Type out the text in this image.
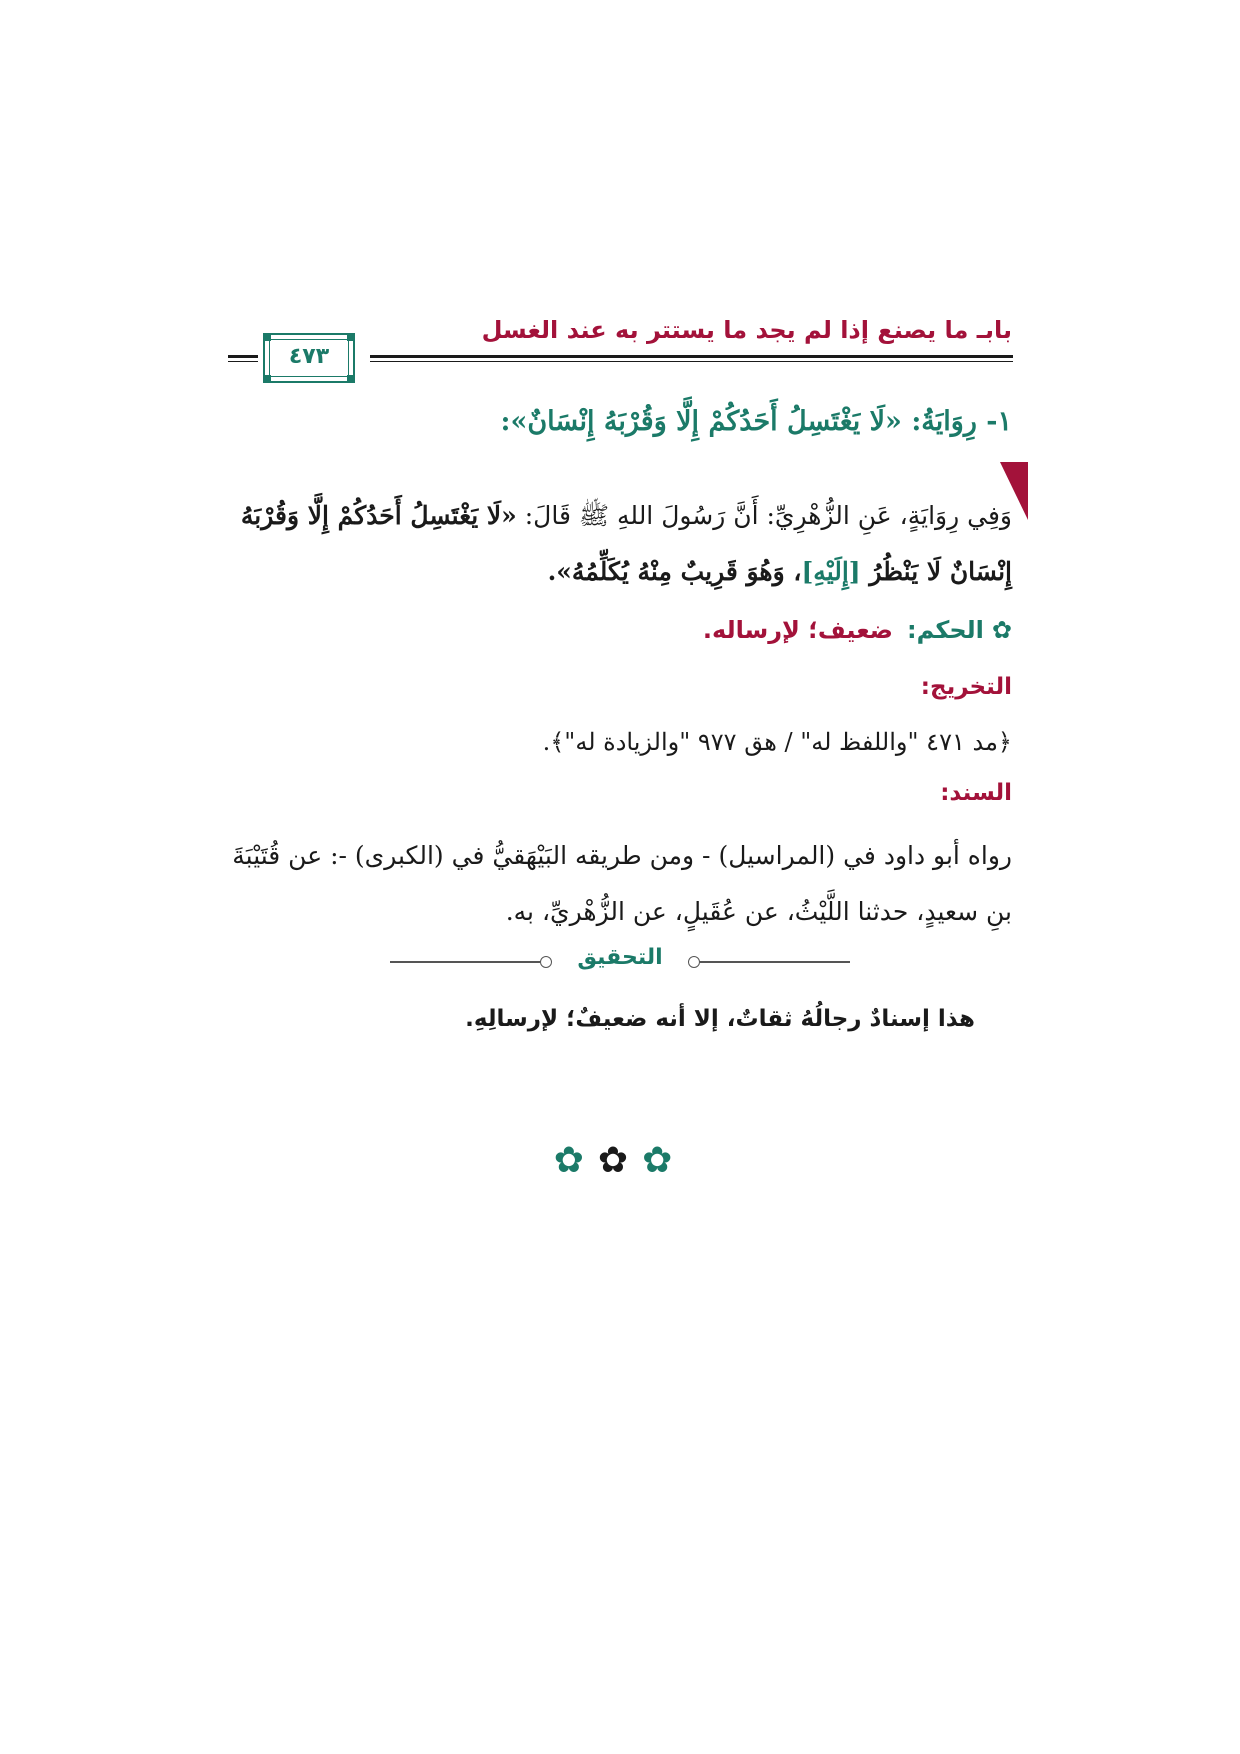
بابـ ما يصنع إذا لم يجد ما يستتر به عند الغسل
٤٧٣
١- رِوَايَةُ: «لَا يَغْتَسِلُ أَحَدُكُمْ إِلَّا وَقُرْبَهُ إِنْسَانٌ»:
وَفِي رِوَايَةٍ، عَنِ الزُّهْرِيِّ: أَنَّ رَسُولَ اللهِ ﷺ قَالَ: «لَا يَغْتَسِلُ أَحَدُكُمْ إِلَّا وَقُرْبَهُ إِنْسَانٌ لَا يَنْظُرُ [إِلَيْهِ]، وَهُوَ قَرِيبٌ مِنْهُ يُكَلِّمُهُ».
✿الحكم:ضعيف؛ لإرساله.
التخريج:
﴿مد ٤٧١ "واللفظ له" / هق ٩٧٧ "والزيادة له"﴾.
السند:
رواه أبو داود في (المراسيل) - ومن طريقه البَيْهَقيُّ في (الكبرى) -: عن قُتَيْبَةَ بنِ سعيدٍ، حدثنا اللَّيْثُ، عن عُقَيلٍ، عن الزُّهْريِّ، به.
التحقيق
هذا إسنادٌ رجالُهُ ثقاتٌ، إلا أنه ضعيفٌ؛ لإرسالِهِ.
✿✿✿
